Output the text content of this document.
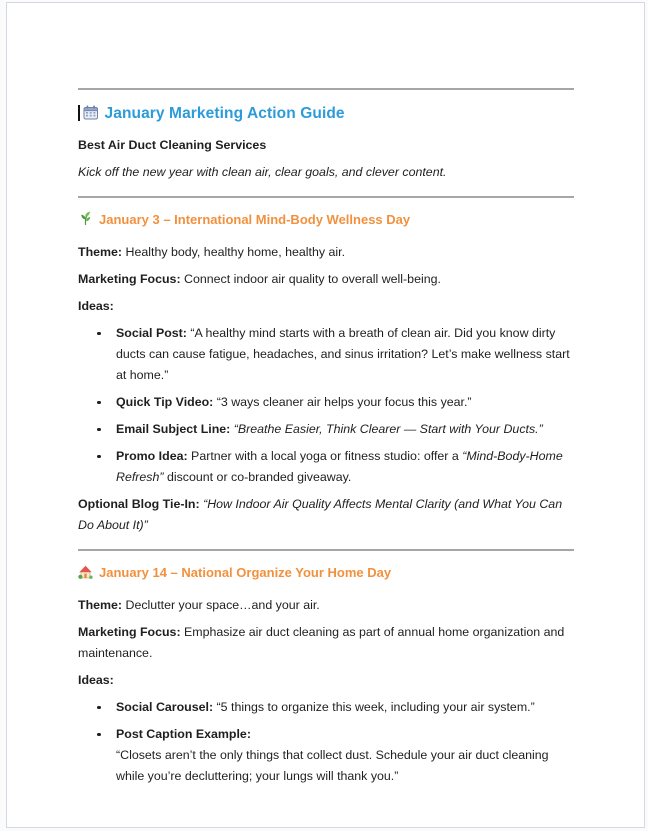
January Marketing Action Guide

Best Air Duct Cleaning Services

Kick off the new year with clean air, clear goals, and clever content.

January 3 – International Mind-Body Wellness Day

Theme: Healthy body, healthy home, healthy air.

Marketing Focus: Connect indoor air quality to overall well-being.

Ideas:

Social Post: “A healthy mind starts with a breath of clean air. Did you know dirty ducts can cause fatigue, headaches, and sinus irritation? Let’s make wellness start at home.”
Quick Tip Video: “3 ways cleaner air helps your focus this year.”
Email Subject Line: “Breathe Easier, Think Clearer — Start with Your Ducts.”
Promo Idea: Partner with a local yoga or fitness studio: offer a “Mind-Body-Home Refresh” discount or co-branded giveaway.

Optional Blog Tie-In: “How Indoor Air Quality Affects Mental Clarity (and What You Can Do About It)”

January 14 – National Organize Your Home Day

Theme: Declutter your space…and your air.

Marketing Focus: Emphasize air duct cleaning as part of annual home organization and maintenance.

Ideas:

Social Carousel: “5 things to organize this week, including your air system.”
Post Caption Example:
“Closets aren’t the only things that collect dust. Schedule your air duct cleaning while you’re decluttering; your lungs will thank you.”
